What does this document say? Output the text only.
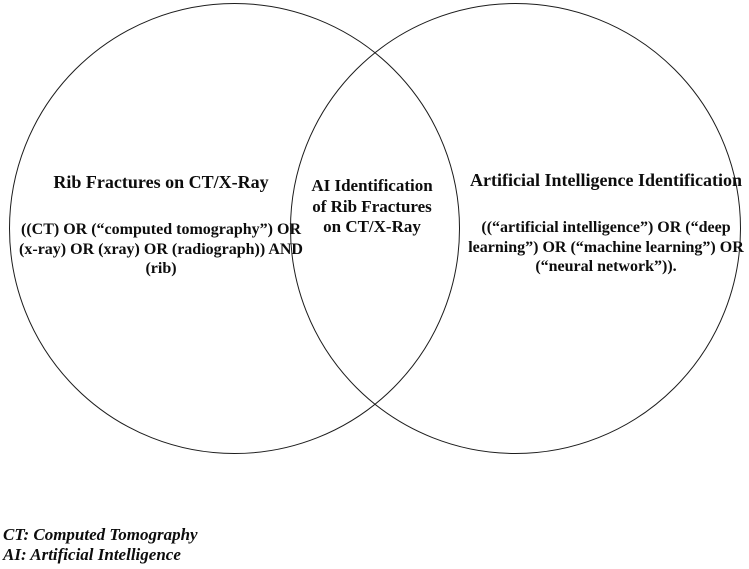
Rib Fractures on CT/X-Ray
((CT) OR (“computed tomography”) OR
(x-ray) OR (xray) OR (radiograph)) AND
(rib)
AI Identification
of Rib Fractures
on CT/X-Ray
Artificial Intelligence Identification
((“artificial intelligence”) OR (“deep
learning”) OR (“machine learning”) OR
(“neural network”)).
CT: Computed Tomography
AI: Artificial Intelligence
